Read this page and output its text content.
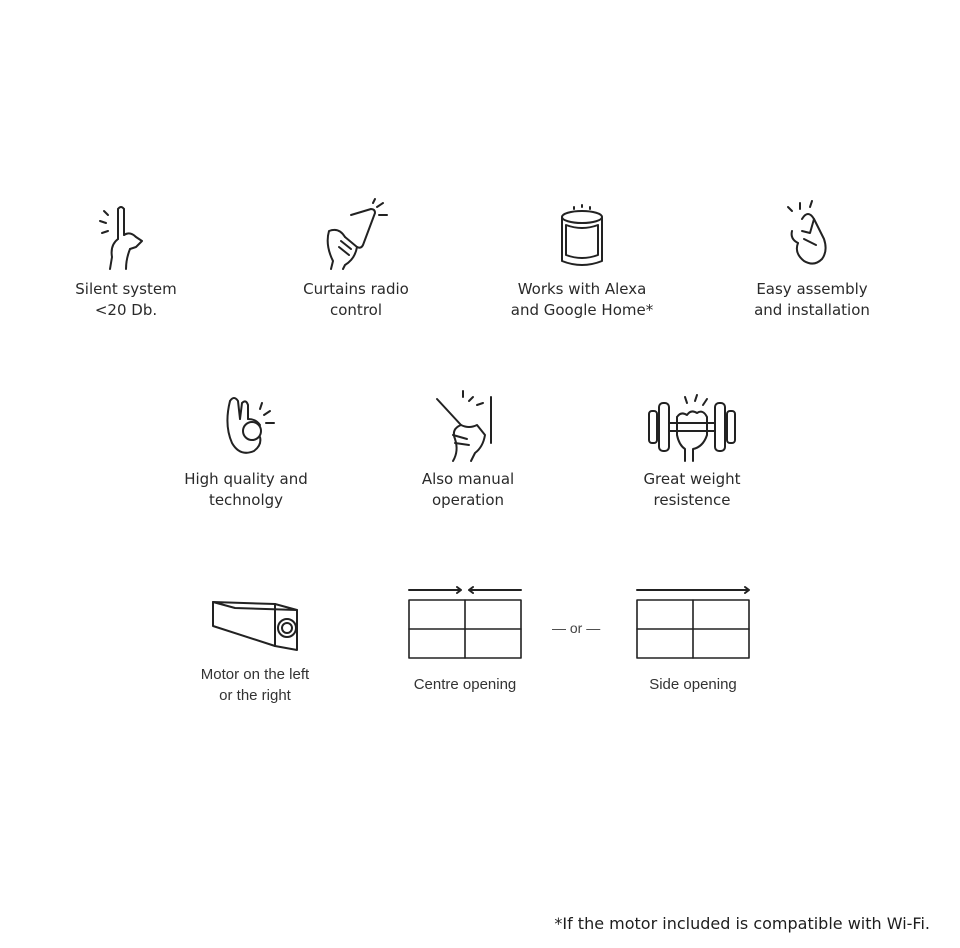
Silent system
<20 Db.
Curtains radio
control
Works with Alexa
and Google Home*
Easy assembly
and installation
High quality and
technolgy
Also manual
operation
Great weight
resistence
Motor on the left
or the right
Centre opening
— or —
Side opening
*If the motor included is compatible with Wi-Fi.
